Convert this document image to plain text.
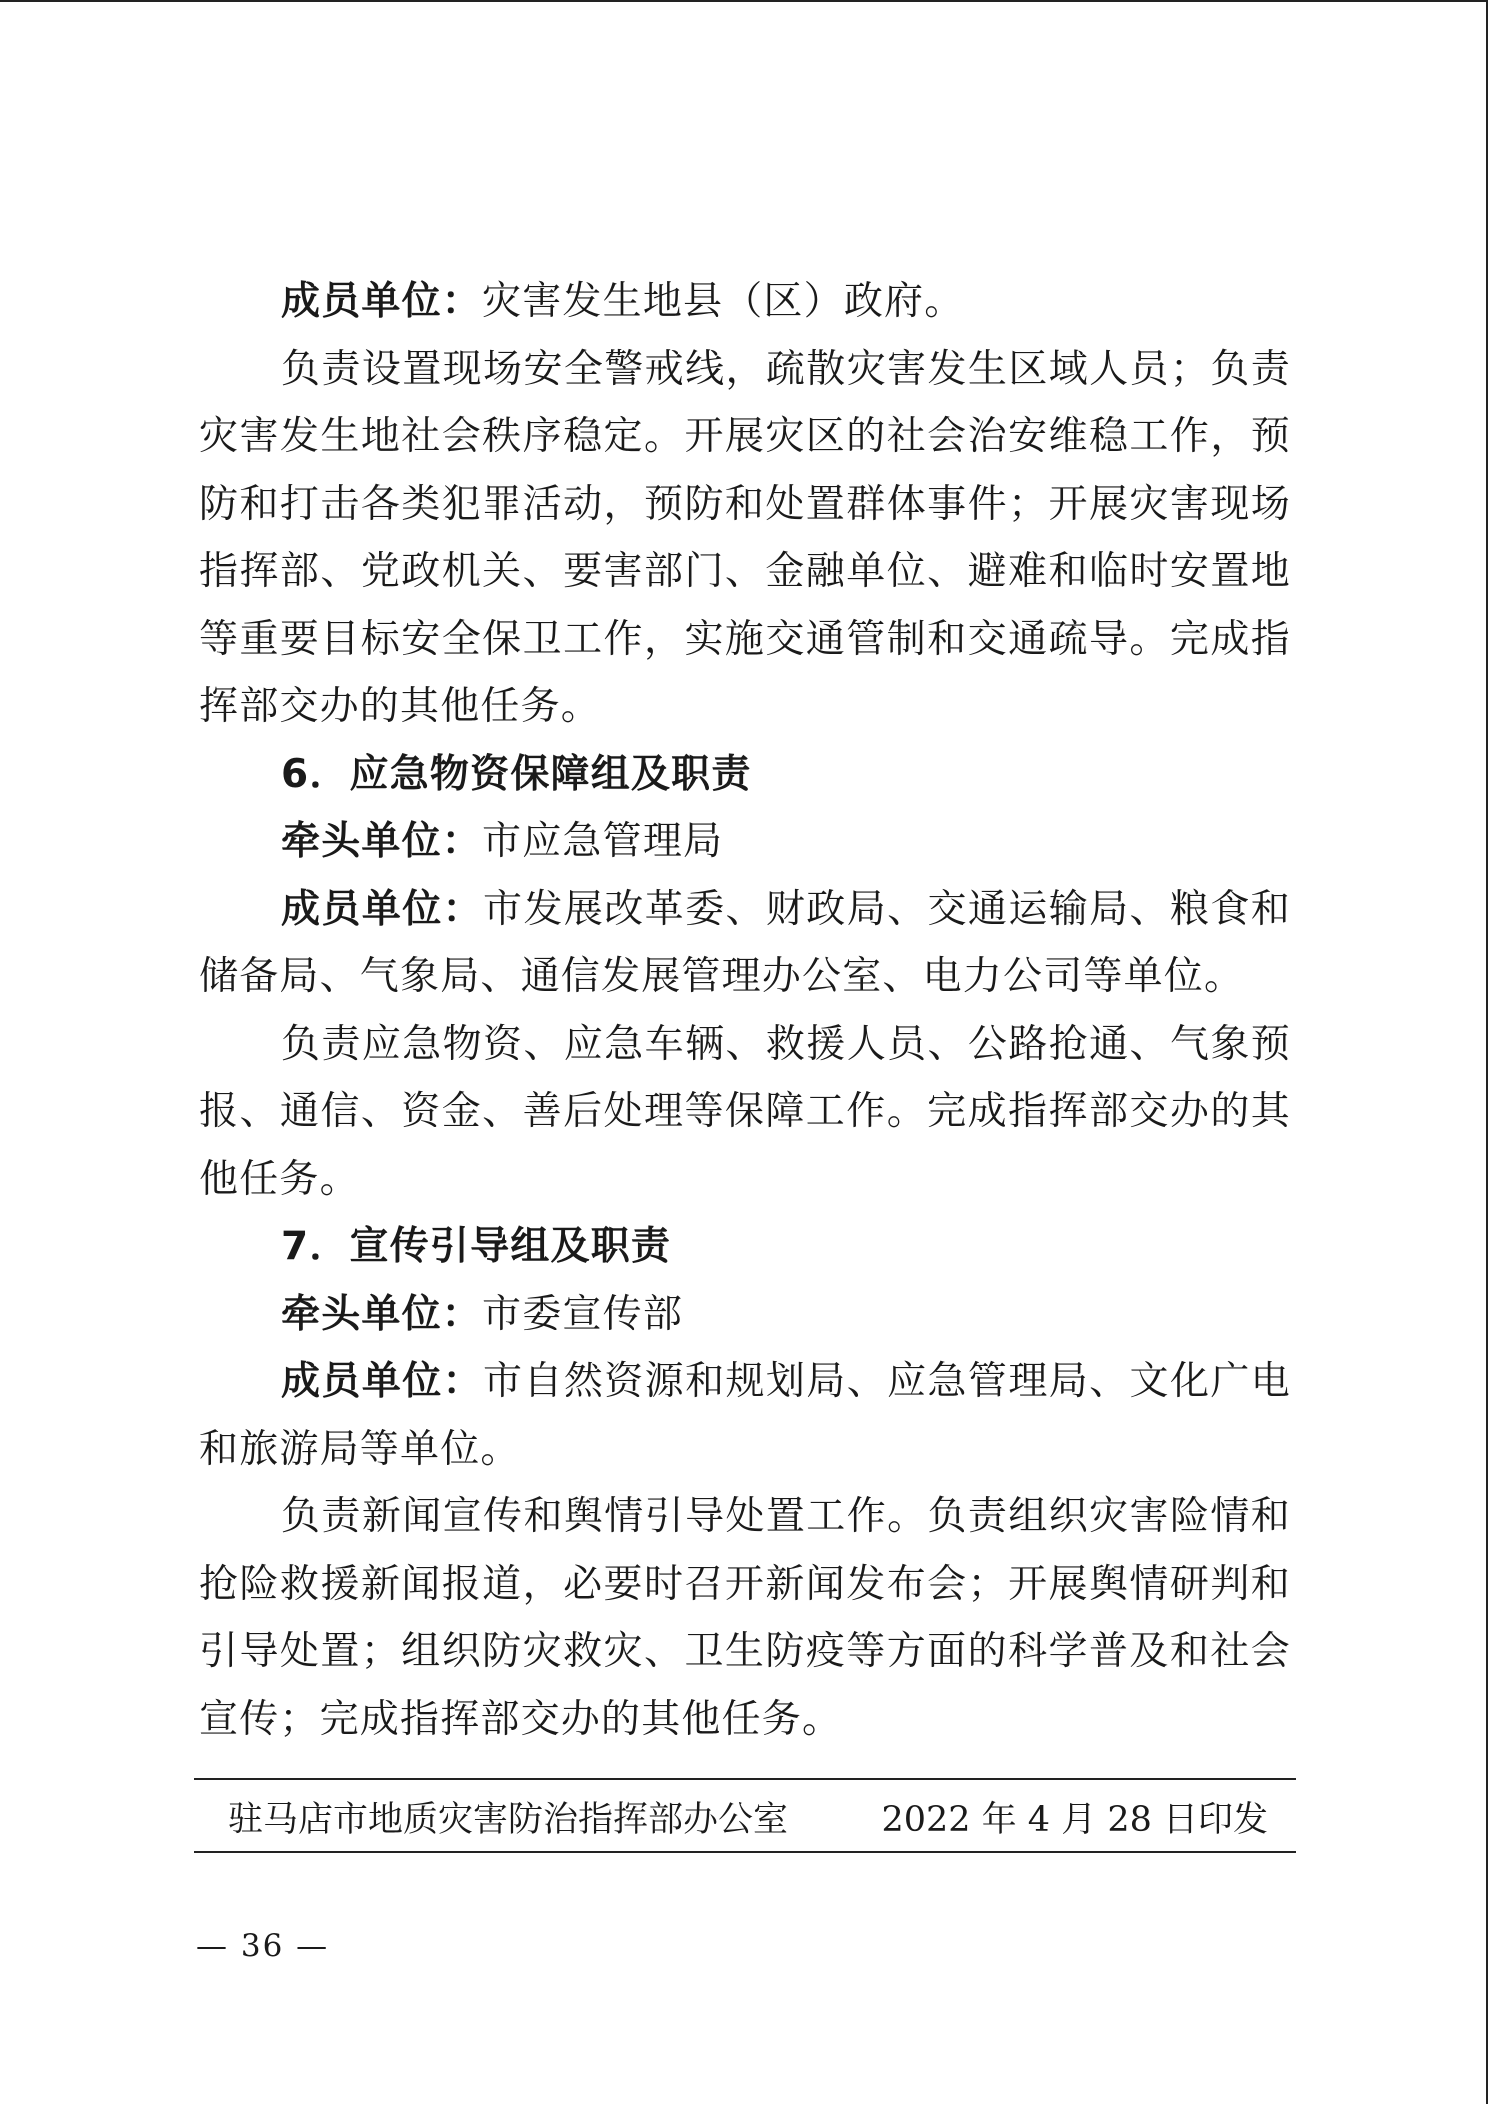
成员单位：灾害发生地县（区）政府。

负责设置现场安全警戒线，疏散灾害发生区域人员；负责灾害发生地社会秩序稳定。开展灾区的社会治安维稳工作，预防和打击各类犯罪活动，预防和处置群体事件；开展灾害现场指挥部、党政机关、要害部门、金融单位、避难和临时安置地等重要目标安全保卫工作，实施交通管制和交通疏导。完成指挥部交办的其他任务。

6．应急物资保障组及职责

牵头单位：市应急管理局

成员单位：市发展改革委、财政局、交通运输局、粮食和储备局、气象局、通信发展管理办公室、电力公司等单位。

负责应急物资、应急车辆、救援人员、公路抢通、气象预报、通信、资金、善后处理等保障工作。完成指挥部交办的其他任务。

7．宣传引导组及职责

牵头单位：市委宣传部

成员单位：市自然资源和规划局、应急管理局、文化广电和旅游局等单位。

负责新闻宣传和舆情引导处置工作。负责组织灾害险情和抢险救援新闻报道，必要时召开新闻发布会；开展舆情研判和引导处置；组织防灾救灾、卫生防疫等方面的科学普及和社会宣传；完成指挥部交办的其他任务。

驻马店市地质灾害防治指挥部办公室	2022 年 4 月 28 日印发
— 36 —
